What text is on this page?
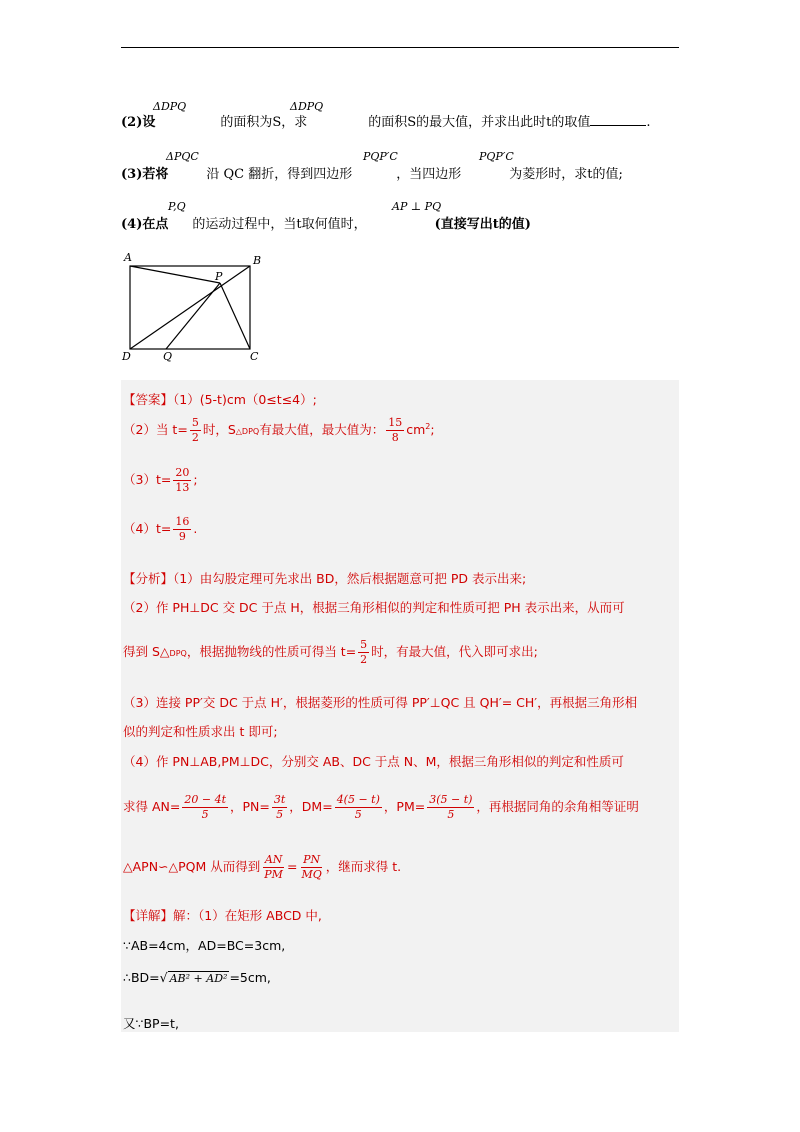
ΔDPQ	ΔDPQ
(2)设	的面积为S，求	的面积S的最大值，并求出此时t的取值	.
ΔPQC	PQP′C	PQP′C
(3)若将	沿 QC 翻折，得到四边形	，当四边形	为菱形时，求t的值;
P,Q	AP ⊥ PQ
(4)在点 的运动过程中，当t取何值时，	(直接写出t的值)
A	B
C
D
P
Q
【答案】（1）(5-t)cm（0≤t≤4）;
（2）当 $t= \frac{5}{2}$ 时，S△DPQ有最大值，最大值为： $\frac{15}{8} cm^2$;
$(3)t= \frac{20}{13}$ ;
$(4)t= \frac{16}{9}$ .
【分析】（1）由勾股定理可先求出 BD，然后根据题意可把 PD 表示出来;
（2）作 PH⊥DC 交 DC 于点 H，根据三角形相似的判定和性质可把 PH 表示出来，从而可
得到 S△DPQ，根据抛物线的性质可得当 $t= \frac{5}{2}$ 时，有最大值，代入即可求出;
（3）连接 PP′交 DC 于点 H′，根据菱形的性质可得 PP′⊥QC 且 QH′= CH′，再根据三角形相
似的判定和性质求出 t 即可;
（4）作 PN⊥AB,PM⊥DC，分别交 AB、DC 于点 N、M，根据三角形相似的判定和性质可
求得 $AN= \frac{20 - 4t}{5}$ ，$PN= \frac{3t}{5}$ ，$DM= \frac{4(5 - t)}{5}$ ，$PM= \frac{3(5 - t)}{5}$ ，再根据同角的余角相等证明
△APN∽△PQM 从而得到 $\frac{AN}{PM} = \frac{PN}{MQ}$ ，继而求得 t.
【详解】解：（1）在矩形 ABCD 中,
∵AB=4cm，AD=BC=3cm,
∴BD=√ AB² + AD² =5cm,
又∵BP=t,
